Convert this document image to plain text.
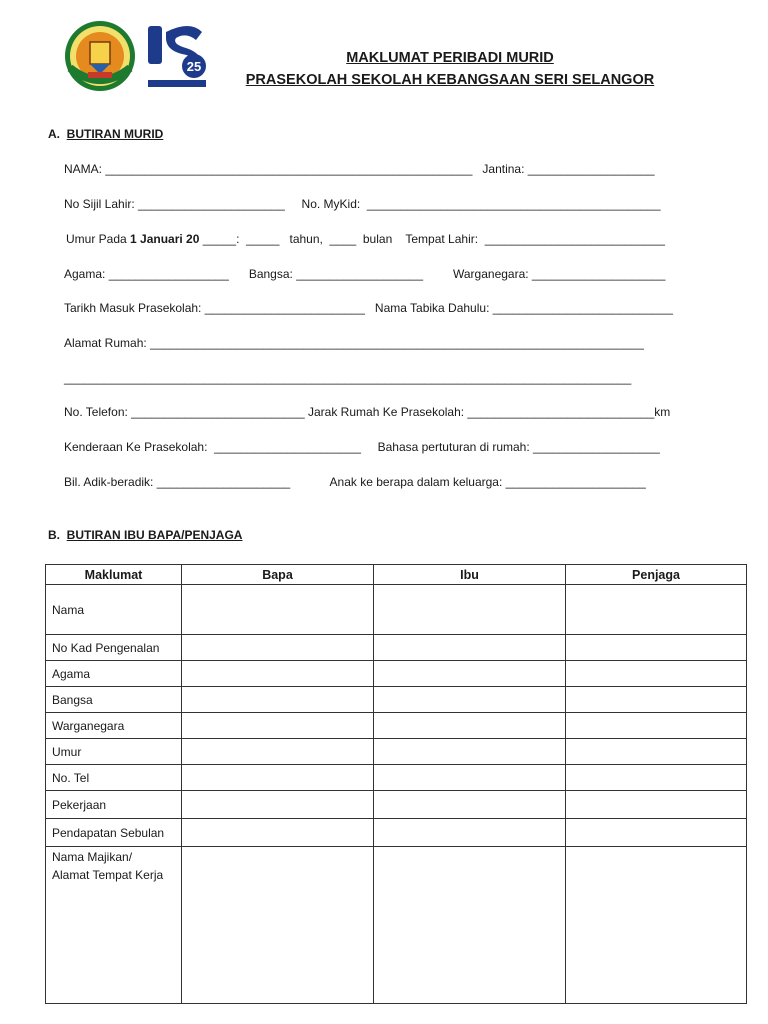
25
MAKLUMAT PERIBADI MURID
PRASEKOLAH SEKOLAH KEBANGSAAN SERI SELANGOR
A. BUTIRAN MURID
NAMA: _______________________________________________________   Jantina: ___________________
No Sijil Lahir: ______________________     No. MyKid:  ____________________________________________
Umur Pada 1 Januari 20 _____:  _____   tahun,  ____  bulan    Tempat Lahir:  ___________________________
Agama: __________________      Bangsa: ___________________         Warganegara: ____________________
Tarikh Masuk Prasekolah: ________________________   Nama Tabika Dahulu: ___________________________
Alamat Rumah: __________________________________________________________________________
_____________________________________________________________________________________
No. Telefon: __________________________ Jarak Rumah Ke Prasekolah: ____________________________km
Kenderaan Ke Prasekolah:  ______________________     Bahasa pertuturan di rumah: ___________________
Bil. Adik-beradik: ____________________            Anak ke berapa dalam keluarga: _____________________
B. BUTIRAN IBU BAPA/PENJAGA
Maklumat	Bapa	Ibu	Penjaga
Nama			
No Kad Pengenalan			
Agama			
Bangsa			
Warganegara			
Umur			
No. Tel			
Pekerjaan			
Pendapatan Sebulan			
Nama Majikan/
Alamat Tempat Kerja			
